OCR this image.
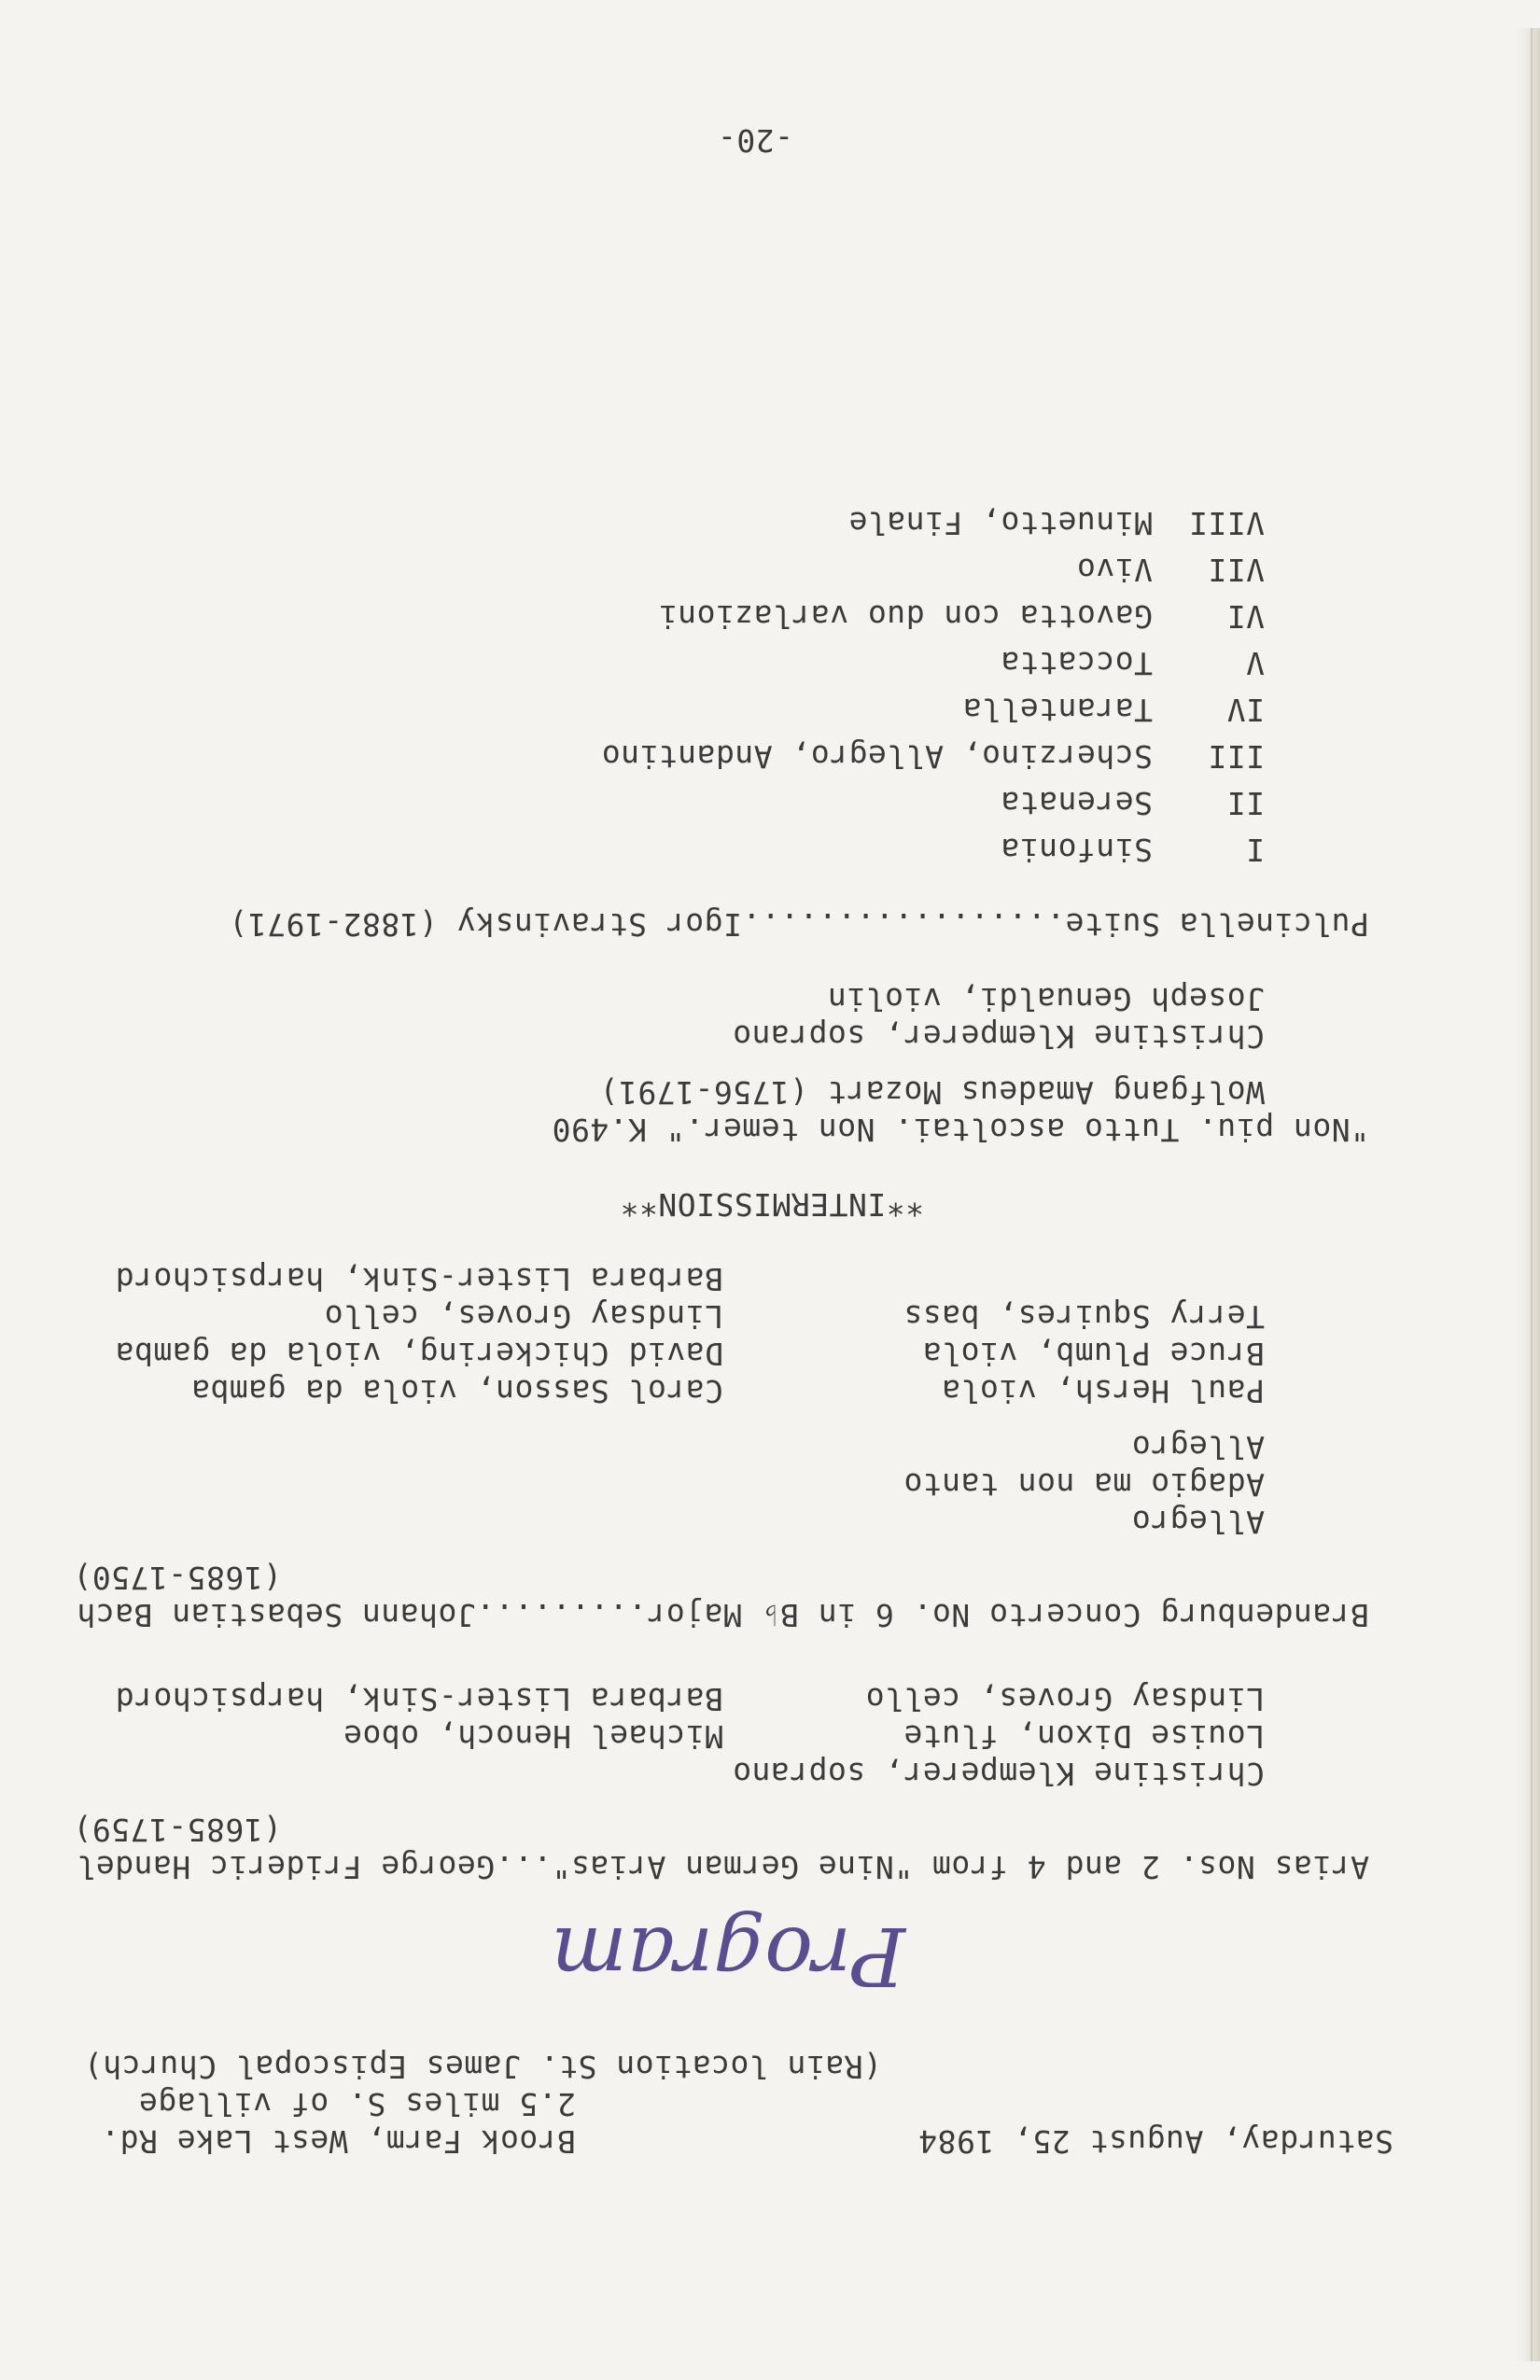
Saturday, August 25, 1984
Brook Farm, West Lake Rd.
2.5 miles S. of village
(Rain location St. James Episcopal Church)
Program
Arias Nos. 2 and 4 from "Nine German Arias"...George Frideric Handel
(1685-1759)
Christine Klemperer, soprano
Louise Dixon, flute
Michael Henoch, oboe
Lindsay Groves, cello
Barbara Lister-Sink, harpsichord
Brandenburg Concerto No. 6 in B♭ Major.........Johann Sebastian Bach
(1685-1750)
Allegro
Adagio ma non tanto
Allegro
Paul Hersh, viola
Carol Sasson, viola da gamba
Bruce Plumb, viola
David Chickering, viola da gamba
Terry Squires, bass
Lindsay Groves, cello
Barbara Lister-Sink, harpsichord
**INTERMISSION**
"Non piu. Tutto ascoltai. Non temer." K.490
Wolfgang Amadeus Mozart (1756-1791)
Christine Klemperer, soprano
Joseph Genualdi, violin
Pulcinella Suite.................Igor Stravinsky (1882-1971)
I
Sinfonia
II
Serenata
III
Scherzino, Allegro, Andantino
IV
Tarantella
V
Toccatta
VI
Gavotta con duo varlazioni
VII
Vivo
VIII
Minuetto, Finale
-20-
